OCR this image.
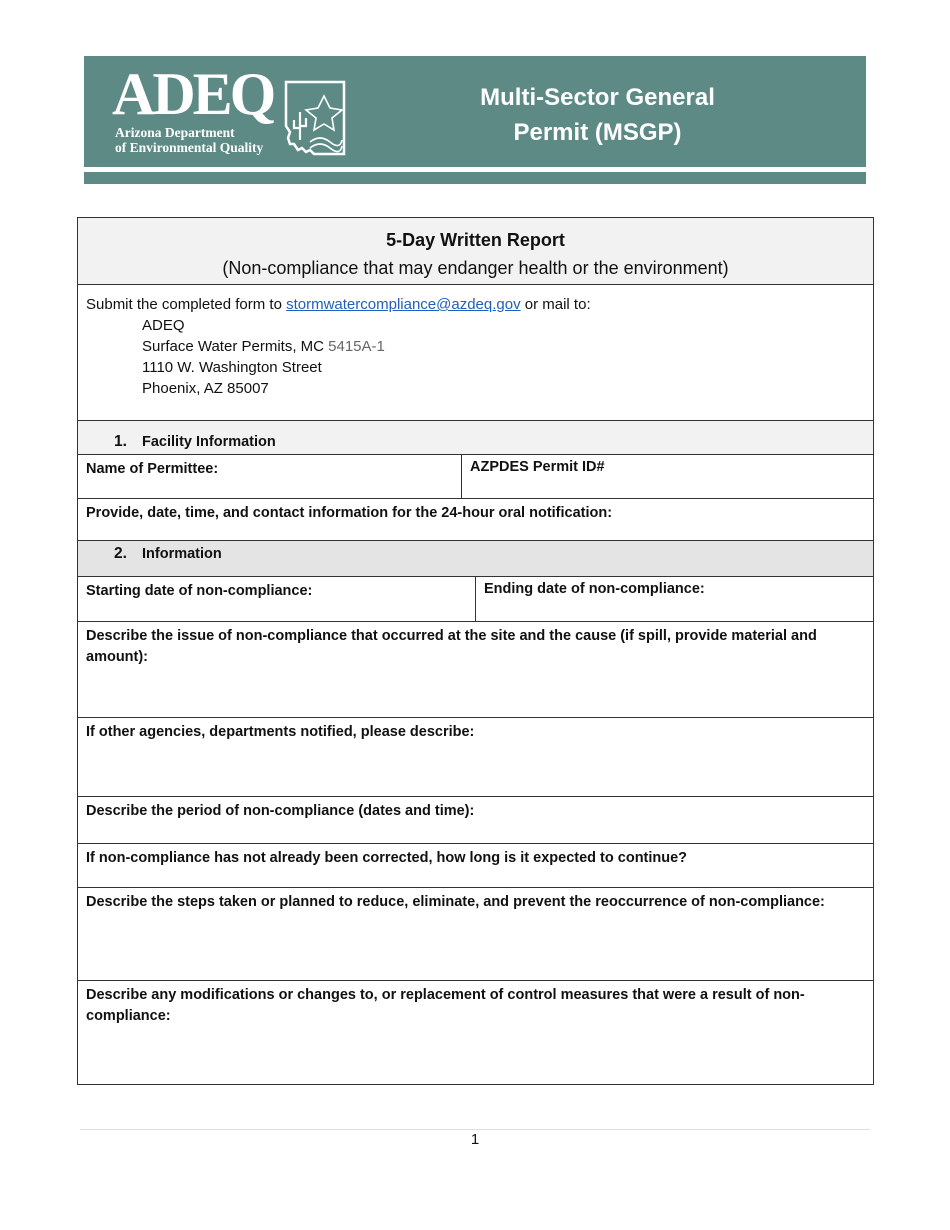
ADEQ
Arizona Department
of Environmental Quality
Multi-Sector General
Permit (MSGP)
5-Day Written Report
(Non-compliance that may endanger health or the environment)
Submit the completed form to stormwatercompliance@azdeq.gov or mail to:
ADEQ
Surface Water Permits, MC 5415A-1
1110 W. Washington Street
Phoenix, AZ 85007
1. Facility Information
Name of Permittee:	AZPDES Permit ID#
Provide, date, time, and contact information for the 24-hour oral notification:
2. Information
Starting date of non-compliance:	Ending date of non-compliance:
Describe the issue of non-compliance that occurred at the site and the cause (if spill, provide material and amount):
If other agencies, departments notified, please describe:
Describe the period of non-compliance (dates and time):
If non-compliance has not already been corrected, how long is it expected to continue?
Describe the steps taken or planned to reduce, eliminate, and prevent the reoccurrence of non-compliance:
Describe any modifications or changes to, or replacement of control measures that were a result of non-compliance:
1
